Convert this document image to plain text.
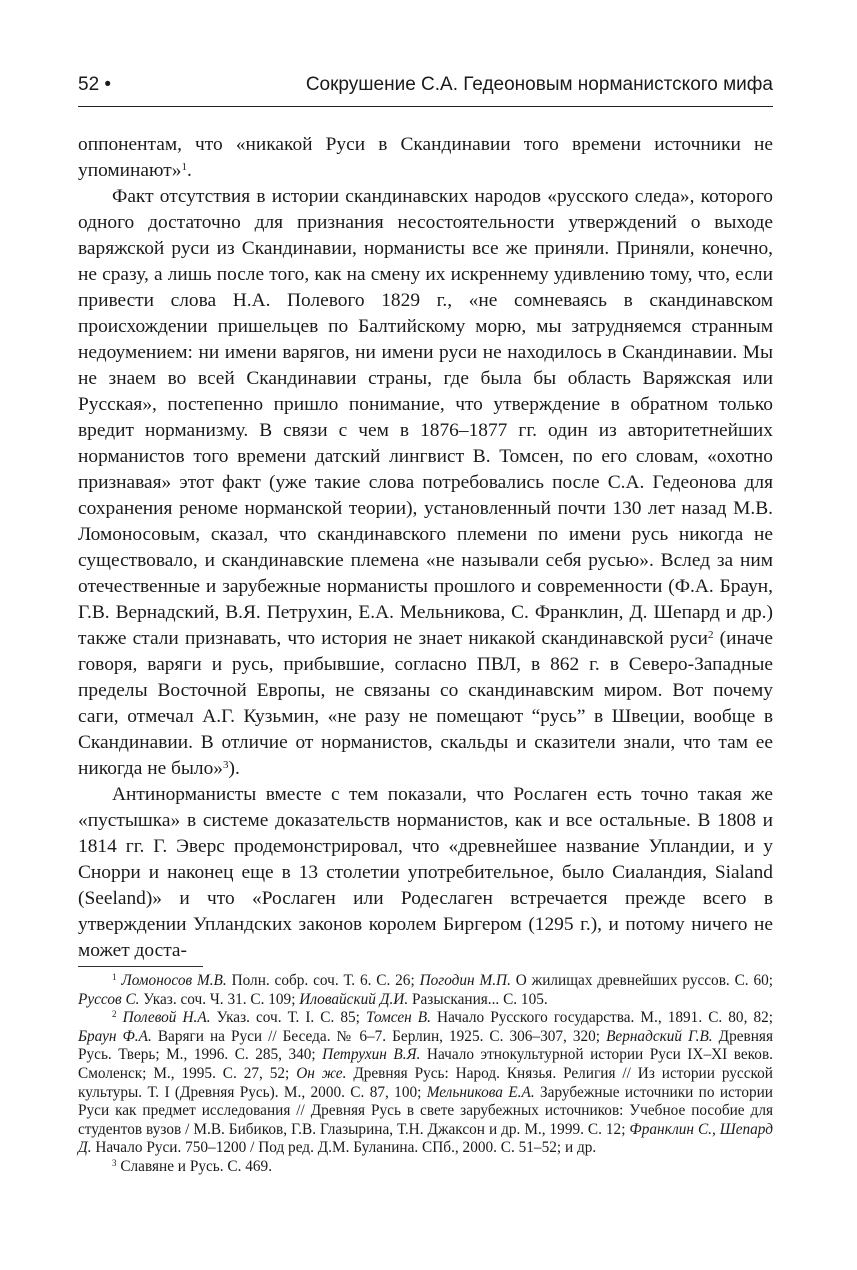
52 •	Сокрушение С.А. Гедеоновым норманистского мифа

оппонентам, что «никакой Руси в Скандинавии того времени источники не упоминают»$^1$.

Факт отсутствия в истории скандинавских народов «русского следа», которого одного достаточно для признания несостоятельности утверждений о выходе варяжской руси из Скандинавии, норманисты все же приняли. Приняли, конечно, не сразу, а лишь после того, как на смену их искреннему удивлению тому, что, если привести слова Н.А. Полевого 1829 г., «не сомневаясь в скандинавском происхождении пришельцев по Балтийскому морю, мы затрудняемся странным недоумением: ни имени варягов, ни имени руси не находилось в Скандинавии. Мы не знаем во всей Скандинавии страны, где была бы область Варяжская или Русская», постепенно пришло понимание, что утверждение в обратном только вредит норманизму. В связи с чем в 1876–1877 гг. один из авторитетнейших норманистов того времени датский лингвист В. Томсен, по его словам, «охотно признавая» этот факт (уже такие слова потребовались после С.А. Гедеонова для сохранения реноме норманской теории), установленный почти 130 лет назад М.В. Ломоносовым, сказал, что скандинавского племени по имени русь никогда не существовало, и скандинавские племена «не называли себя русью». Вслед за ним отечественные и зарубежные норманисты прошлого и современности (Ф.А. Браун, Г.В. Вернадский, В.Я. Петрухин, Е.А. Мельникова, С. Франклин, Д. Шепард и др.) также стали признавать, что история не знает никакой скандинавской руси$^2$ (иначе говоря, варяги и русь, прибывшие, согласно ПВЛ, в 862 г. в Северо-Западные пределы Восточной Европы, не связаны со скандинавским миром. Вот почему саги, отмечал А.Г. Кузьмин, «не разу не помещают “русь” в Швеции, вообще в Скандинавии. В отличие от норманистов, скальды и сказители знали, что там ее никогда не было»$^3$).

Антинорманисты вместе с тем показали, что Рослаген есть точно такая же «пустышка» в системе доказательств норманистов, как и все остальные. В 1808 и 1814 гг. Г. Эверс продемонстрировал, что «древнейшее название Упландии, и у Снорри и наконец еще в 13 столетии употребительное, было Сиаландия, Sialand (Seeland)» и что «Рослаген или Родеслаген встречается прежде всего в утверждении Упландских законов королем Биргером (1295 г.), и потому ничего не может доста-

$^1$ Ломоносов М.В. Полн. собр. соч. Т. 6. С. 26; Погодин М.П. О жилищах древнейших руссов. С. 60; Руссов С. Указ. соч. Ч. 31. С. 109; Иловайский Д.И. Разыскания... С. 105.

$^2$ Полевой Н.А. Указ. соч. Т. I. С. 85; Томсен В. Начало Русского государства. М., 1891. С. 80, 82; Браун Ф.А. Варяги на Руси // Беседа. № 6–7. Берлин, 1925. С. 306–307, 320; Вернадский Г.В. Древняя Русь. Тверь; М., 1996. С. 285, 340; Петрухин В.Я. Начало этнокультурной истории Руси IX–XI веков. Смоленск; М., 1995. С. 27, 52; Он же. Древняя Русь: Народ. Князья. Религия // Из истории русской культуры. Т. I (Древняя Русь). М., 2000. С. 87, 100; Мельникова Е.А. Зарубежные источники по истории Руси как предмет исследования // Древняя Русь в свете зарубежных источников: Учебное пособие для студентов вузов / М.В. Бибиков, Г.В. Глазырина, Т.Н. Джаксон и др. М., 1999. С. 12; Франклин С., Шепард Д. Начало Руси. 750–1200 / Под ред. Д.М. Буланина. СПб., 2000. С. 51–52; и др.

$^3$ Славяне и Русь. С. 469.
